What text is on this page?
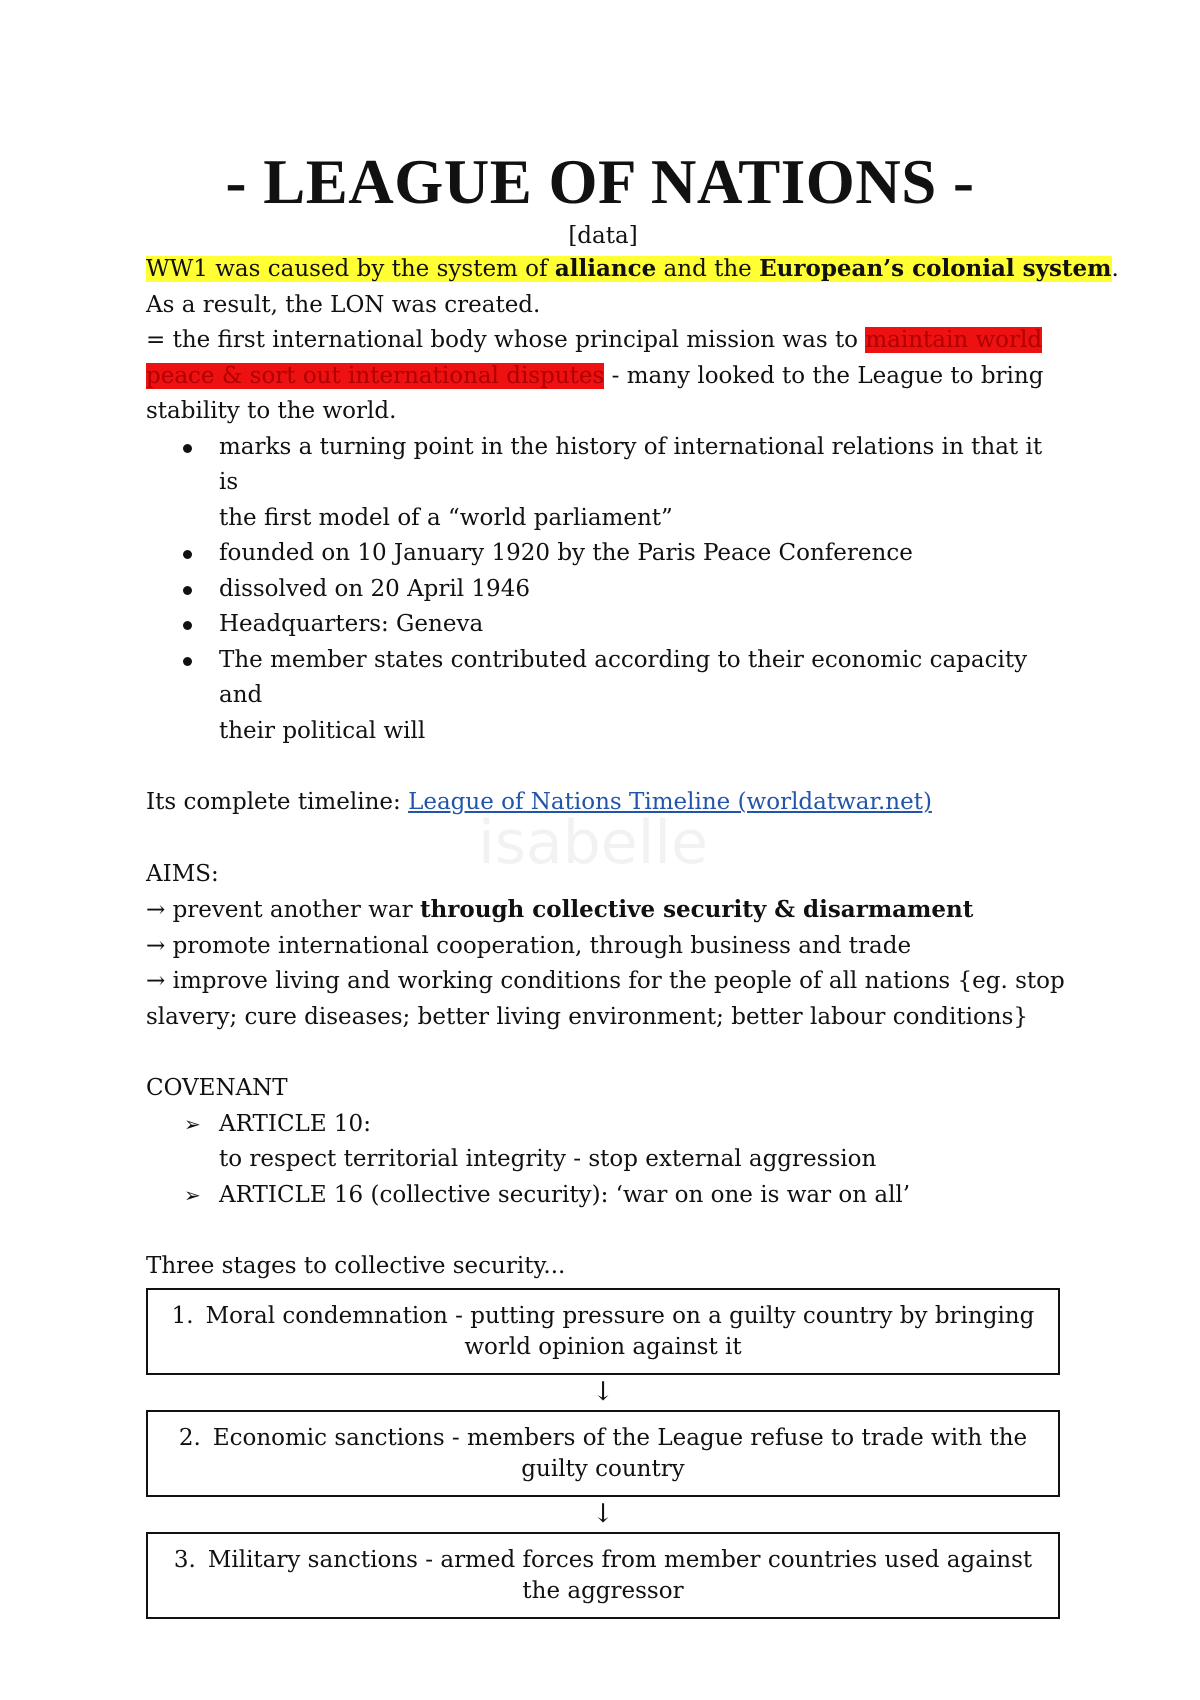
- LEAGUE OF NATIONS -
isabelle

[data]

WW1 was caused by the system of alliance and the European’s colonial system.

As a result, the LON was created.

= the first international body whose principal mission was to maintain world

peace & sort out international disputes - many looked to the League to bring

stability to the world.

marks a turning point in the history of international relations in that it is
the first model of a “world parliament”
founded on 10 January 1920 by the Paris Peace Conference
dissolved on 20 April 1946
Headquarters: Geneva
The member states contributed according to their economic capacity and
their political will

Its complete timeline: League of Nations Timeline (worldatwar.net)

AIMS:

→ prevent another war through collective security & disarmament

→ promote international cooperation, through business and trade

→ improve living and working conditions for the people of all nations {eg. stop

slavery; cure diseases; better living environment; better labour conditions}

COVENANT

➢ ARTICLE 10:
to respect territorial integrity - stop external aggression
➢ ARTICLE 16 (collective security): ‘war on one is war on all’

Three stages to collective security...

1. Moral condemnation - putting pressure on a guilty country by bringing
world opinion against it
↓
2. Economic sanctions - members of the League refuse to trade with the
guilty country
↓
3. Military sanctions - armed forces from member countries used against
the aggressor
